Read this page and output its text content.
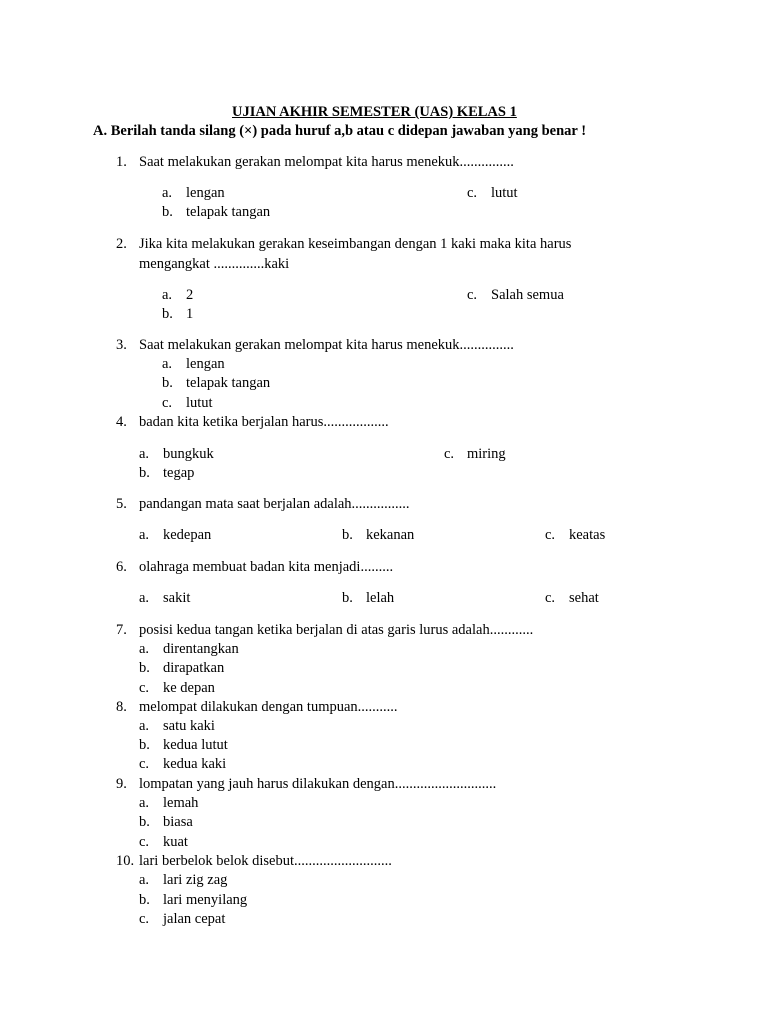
UJIAN AKHIR SEMESTER (UAS) KELAS 1

A. Berilah tanda silang (×) pada huruf a,b atau c didepan jawaban yang benar !

1. Saat melakukan gerakan melompat kita harus menekuk...............

a. lengan

b. telapak tangan

c. lutut

2. Jika kita melakukan gerakan keseimbangan dengan 1 kaki maka kita harus

mengangkat ..............kaki

a. 2

b. 1

c. Salah semua

3. Saat melakukan gerakan melompat kita harus menekuk...............

a. lengan

b. telapak tangan

c. lutut

4. badan kita ketika berjalan harus..................

a. bungkuk

b. tegap

c. miring

5. pandangan mata saat berjalan adalah................

a. kedepan	b. kekanan	c. keatas

6. olahraga membuat badan kita menjadi.........

a. sakit	b. lelah	c. sehat

7. posisi kedua tangan ketika berjalan di atas garis lurus adalah............

a. direntangkan

b. dirapatkan

c. ke depan

8. melompat dilakukan dengan tumpuan...........

a. satu kaki

b. kedua lutut

c. kedua kaki

9. lompatan yang jauh harus dilakukan dengan............................

a. lemah

b. biasa

c. kuat

10. lari berbelok belok disebut...........................

a. lari zig zag

b. lari menyilang

c. jalan cepat
